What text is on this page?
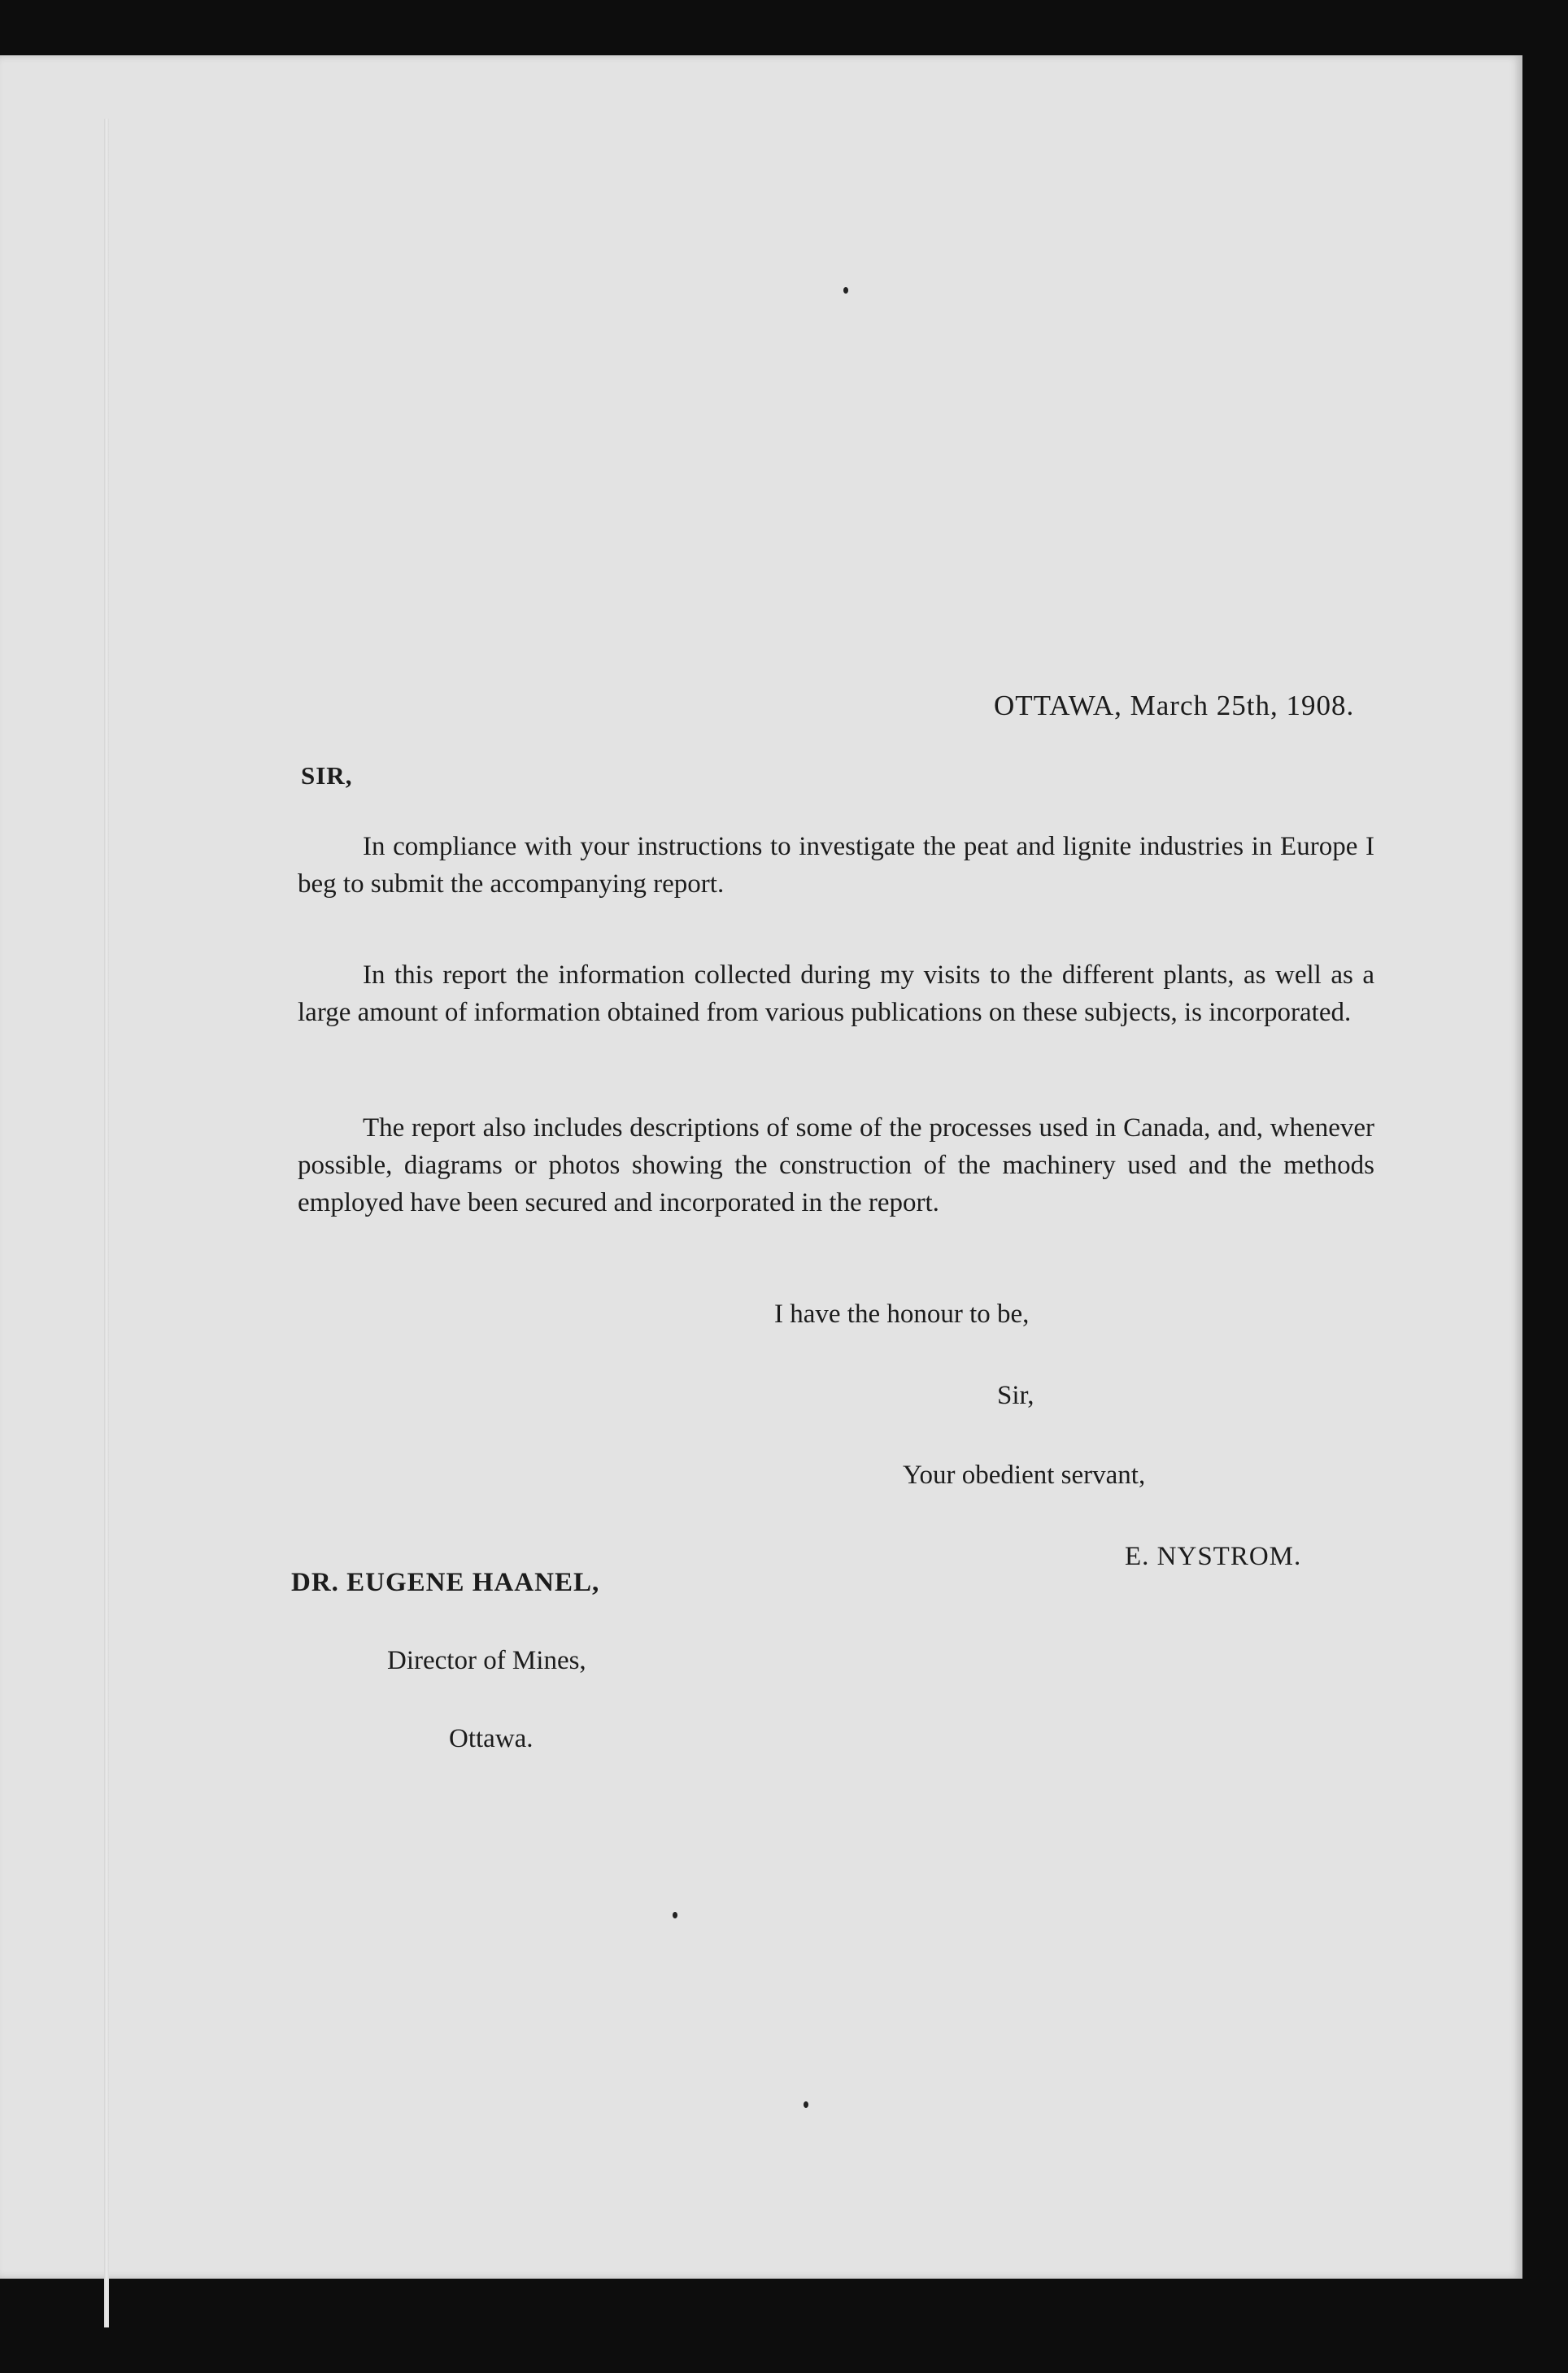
OTTAWA, March 25th, 1908.
SIR,

In compliance with your instructions to investigate the peat and lignite industries in Europe I beg to submit the accompanying report.

In this report the information collected during my visits to the different plants, as well as a large amount of information obtained from various publications on these subjects, is incorporated.

The report also includes descriptions of some of the processes used in Canada, and, whenever possible, diagrams or photos showing the construction of the machinery used and the methods employed have been secured and incorporated in the report.

I have the honour to be,
Sir,
Your obedient servant,
E. NYSTROM.
DR. EUGENE HAANEL,
Director of Mines,
Ottawa.
